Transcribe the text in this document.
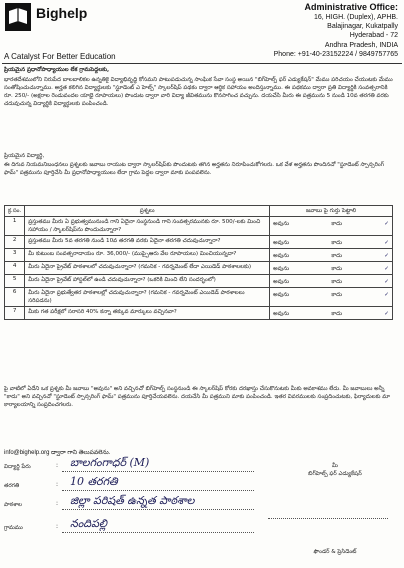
Bighelp
A Catalyst For Better Education
Administrative Office:
16, HIGH. (Duplex), APHB.
Balajinagar, Kukatpally
Hyderabad - 72
Andhra Pradesh, INDIA
Phone: +91-40-23152224 / 9849757765
ప్రియమైన ప్రధానోపాధ్యాయుల లేక గ్రామపెద్దలకు,
భారతదేశములోని నిరుపేద బాలబాలికల ఉన్నతికై విద్యాభివృద్ధి కోసమని పాటుపడుచున్న సాంఘిక సేవా సంస్థ అయిన "బిగ్‌హెల్ప్ ఫర్ ఎడ్యుకేషన్" మేము పరిచయం చేయుటకు మేము సంతోషించుచున్నాము. అర్హత కలిగిన విద్యార్థులకు "స్టూడెంట్ ఎ హెల్ప్" స్కాలర్‌షిప్ పథకం ద్వారా ఆర్థిక సహాయం అందిస్తున్నాము. ఈ పథకము ద్వారా ప్రతి విద్యార్థికి సంవత్సరానికి రూ. 250/- (అక్షరాల రెండువందల యాభై రూపాయలు) పొందుట ద్వారా వారి విద్యా జీవితమును కొనసాగించ వచ్చును. దయచేసి మీరు ఈ పత్రమును 5 నుండి 10వ తరగతి వరకు చదువుచున్న విద్యార్థికి విద్యార్థులకు పంపించండి.
ప్రియమైన విద్యార్థి,
ఈ దిగువ నియమనిబంధనలు ప్రశ్నలకు జవాబు రాయుట ద్వారా స్కాలర్‌షిప్‌కు పొందుటకు తగిన అర్హతను నిరూపించుకోగలరు. ఒక వేళ అర్హతను పొందినచో "స్టూడెంట్ స్పాన్సరింగ్ ఫామ్" పత్రమును పూర్తిచేసి మీ ప్రధానోపాధ్యాయులు లేదా గ్రామ పెద్దల ద్వారా మాకు పంపవలెను.
క్ర.సం.	ప్రశ్నలు	జవాబు పై గుర్తు పెట్టాలి
1	ప్రస్తుతము మీరు ఏ ప్రభుత్వమునుండి గాని ఏదైనా సంస్థనుండి గాని సంవత్సరమునకు రూ. 500/-లకు మించి సహాయం / స్కాలర్‌షిప్‌ను పొందుచున్నారా?	అవును కాదు ✓

2	ప్రస్తుతము మీరు 5వ తరగతి నుండి 10వ తరగతి వరకు ఏదైనా తరగతి చదువుచున్నారా?	అవును కాదు ✓

3	మీ కుటుంబ సంవత్సరాదాయం రూ. 36,000/- (ముప్పైఆరు వేల రూపాయలు) మించియున్నదా?	అవును కాదు ✓

4	మీరు ఏదైనా ప్రైవేట్ పాఠశాలలో చదువుచున్నారా? (గమనిక - గవర్నమెంట్ లేదా ఎయిడెడ్ పాఠశాలలకు)	అవును కాదు ✓

5	మీరు ఏదైనా ప్రైవేట్ హాస్టల్‌లో ఉండి చదువుచున్నారా? (ఒకరికి మించి లేని సందర్భంలో)	అవును కాదు ✓

6	మీరు ఏదైనా ప్రభుత్వేతర పాఠశాలల్లో చదువుచున్నారా? (గమనిక - గవర్నమెంట్ ఎయిడెడ్ పాఠశాలలు సరిపడను)	అవును కాదు ✓

7	మీకు గత పరీక్షలో సరాసరి 40% కన్నా తక్కువ మార్కులు వచ్చినవా?	అవును కాదు ✓
పై వాటిలో ఏదేని ఒక ప్రశ్నకు మీ జవాబు "అవును" అని వచ్చినచో బిగ్‌హెల్ప్ సంస్థనుండి ఈ స్కాలర్‌షిప్ కోరకు దరఖాస్తు చేసుకొనుటకు మీకు అవకాశము లేదు. మీ జవాబులు అన్నీ "కాదు" అని వచ్చినచో "స్టూడెంట్ స్పాన్సరింగ్ ఫామ్" పత్రమును పూర్తిచేయవలెను. దయచేసి మీ పత్రముని మాకు పంపించండి. ఇతర వివరములకు సంప్రదించుటకు, ఫిర్యాదులకు మా కార్యాలయాన్ని సంప్రదించగలరు.
info@bighelp.org ద్వారా గాని తెలుపవలెను.
విద్యార్థి పేరు	: బాలగంగాధర్ (M)
తరగతి	: 10 తరగతి
పాఠశాల	: జిల్లా పరిషత్ ఉన్నత పాఠశాల
గ్రామము	: నందిపల్లి
మీ
బిగ్‌హెల్ప్ ఫర్ ఎడ్యుకేషన్
ఫౌండర్ & ప్రెసిడెంట్
